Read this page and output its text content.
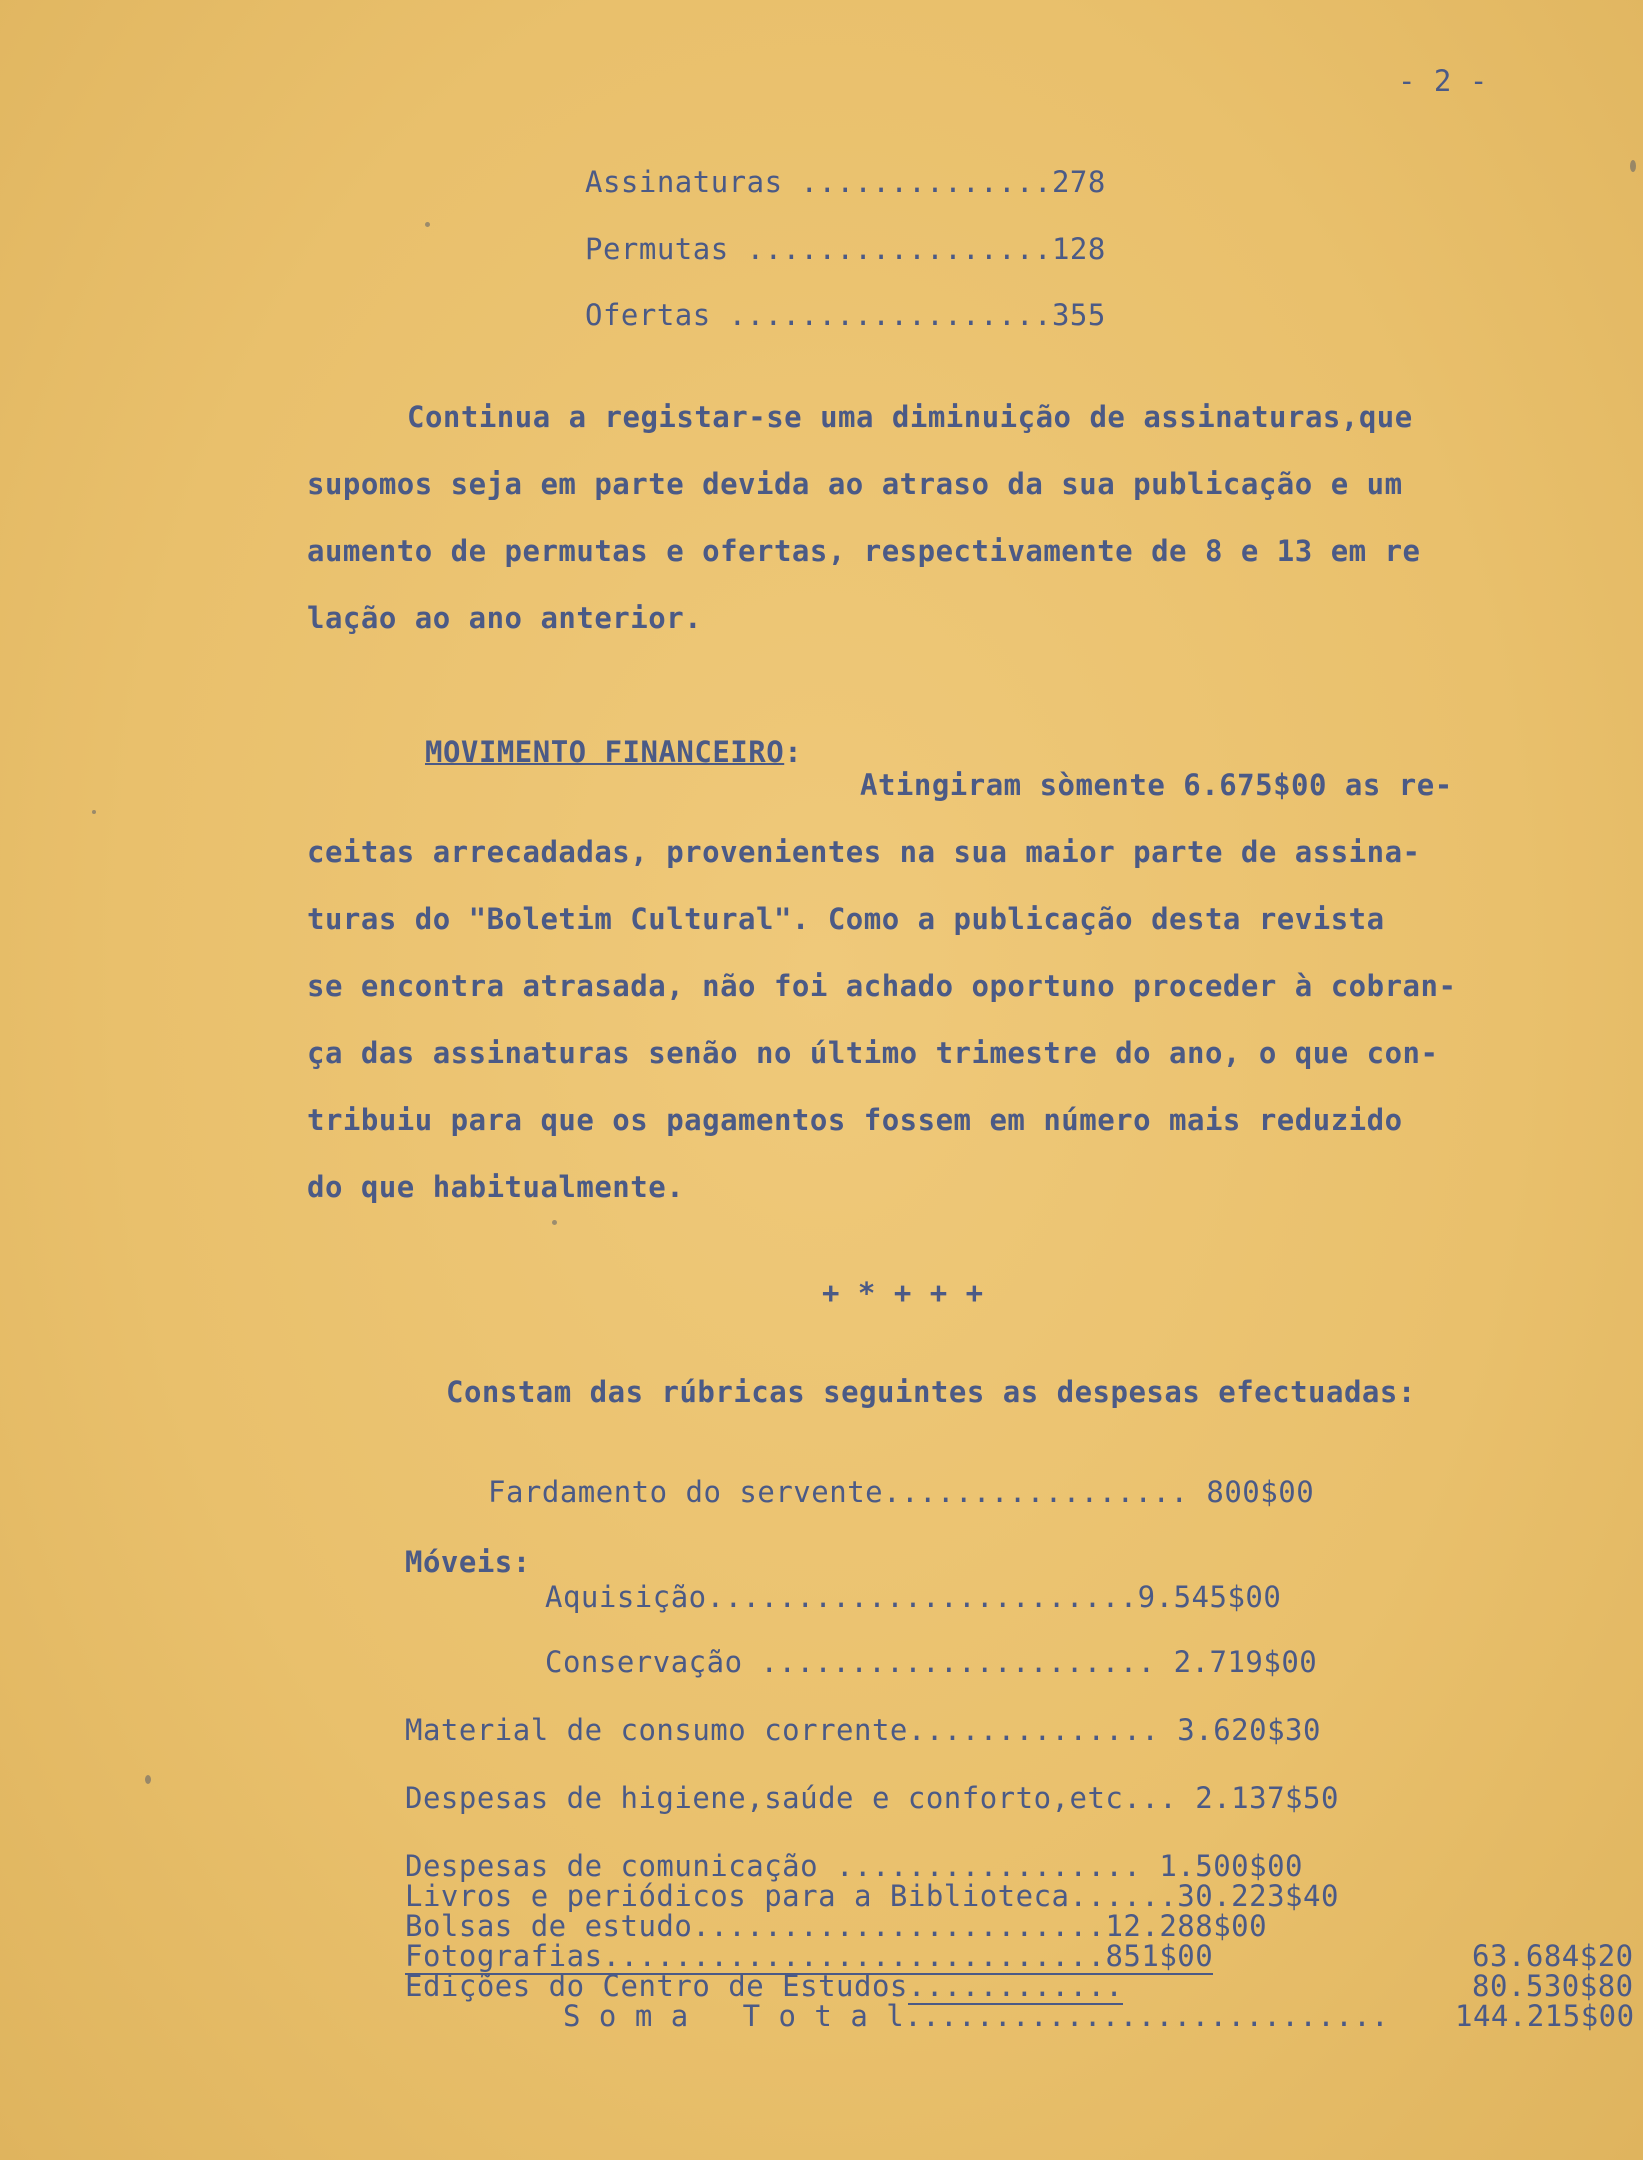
- 2 -
Assinaturas ..............278
Permutas .................128
Ofertas ..................355
Continua a registar-se uma diminuição de assinaturas,que
supomos seja em parte devida ao atraso da sua publicação e um
aumento de permutas e ofertas, respectivamente de 8 e 13 em re
lação ao ano anterior.
MOVIMENTO FINANCEIRO:
Atingiram sòmente 6.675$00 as re-
ceitas arrecadadas, provenientes na sua maior parte de assina-
turas do "Boletim Cultural". Como a publicação desta revista
se encontra atrasada, não foi achado oportuno proceder à cobran-
ça das assinaturas senão no último trimestre do ano, o que con-
tribuiu para que os pagamentos fossem em número mais reduzido
do que habitualmente.
+ * + + +
Constam das rúbricas seguintes as despesas efectuadas:
Fardamento do servente................. 800$00
Móveis:
Aquisição........................9.545$00
Conservação ...................... 2.719$00
Material de consumo corrente.............. 3.620$30
Despesas de higiene,saúde e conforto,etc... 2.137$50
Despesas de comunicação ................. 1.500$00
Livros e periódicos para a Biblioteca......30.223$40
Bolsas de estudo.......................12.288$00
Fotografias............................851$00	63.684$20
Edições do Centro de Estudos............	80.530$80
S o m a   T o t a l........................... 144.215$00
